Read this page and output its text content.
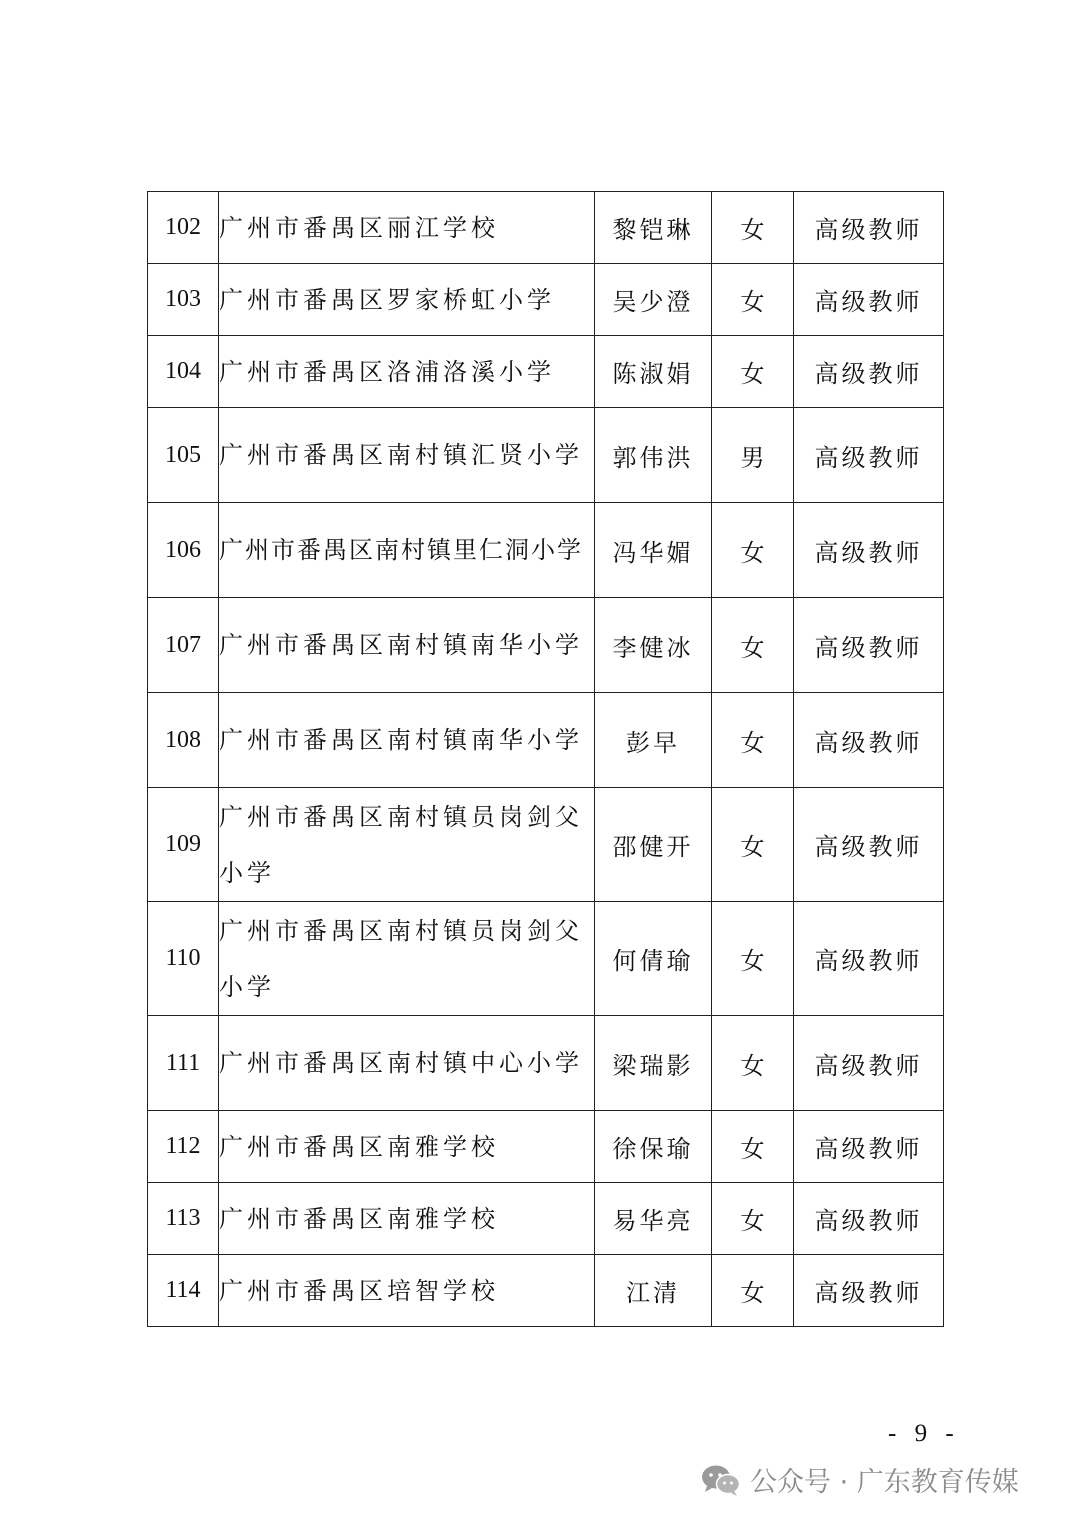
102	广州市番禺区丽江学校	黎铠琳	女	高级教师
103	广州市番禺区罗家桥虹小学	吴少澄	女	高级教师
104	广州市番禺区洛浦洛溪小学	陈淑娟	女	高级教师
105	广州市番禺区南村镇汇贤小学	郭伟洪	男	高级教师
106	广州市番禺区南村镇里仁洞小学	冯华媚	女	高级教师
107	广州市番禺区南村镇南华小学	李健冰	女	高级教师
108	广州市番禺区南村镇南华小学	彭早	女	高级教师
109	广州市番禺区南村镇员岗剑父小学	邵健开	女	高级教师
110	广州市番禺区南村镇员岗剑父小学	何倩瑜	女	高级教师
111	广州市番禺区南村镇中心小学	梁瑞影	女	高级教师
112	广州市番禺区南雅学校	徐保瑜	女	高级教师
113	广州市番禺区南雅学校	易华亮	女	高级教师
114	广州市番禺区培智学校	江清	女	高级教师
- 9 -
公众号 · 广东教育传媒
